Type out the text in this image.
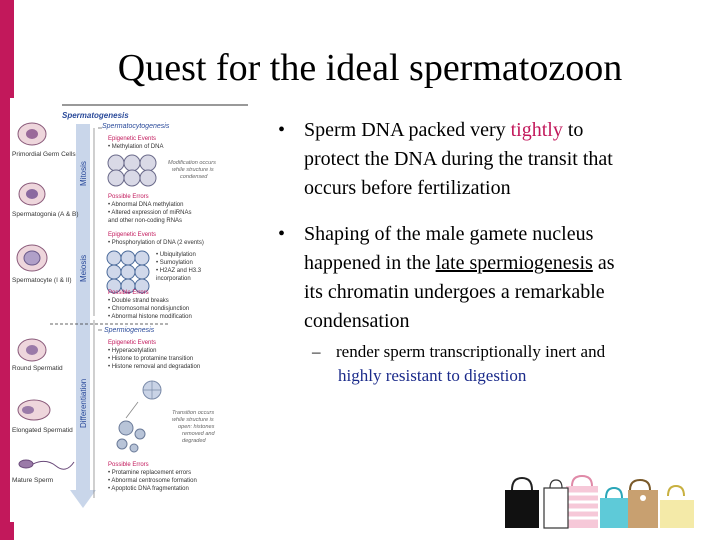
Quest for the ideal spermatozoon
Spermatogenesis
Mitosis
Meiosis
Differentiation
Primordial Germ Cells
Spermatogonia (A & B)
Spermatocyte (I & II)
Round Spermatid
Elongated Spermatid
Mature Sperm
Spermatocytogenesis
Epigenetic Events
• Methylation of DNA
Modification occurs
while structure is
condensed
Possible Errors
• Abnormal DNA methylation
• Altered expression of miRNAs
and other non-coding RNAs
Epigenetic Events
• Phosphorylation of DNA (2 events)
• Ubiquitylation
• Sumoylation
• H2AZ and H3.3
incorporation
Possible Errors
• Double strand breaks
• Chromosomal nondisjunction
• Abnormal histone modification
Spermiogenesis
Epigenetic Events
• Hyperacetylation
• Histone to protamine transition
• Histone removal and degradation
Transition occurs
while structure is
open: histones
removed and
degraded
Possible Errors
• Protamine replacement errors
• Abnormal centrosome formation
• Apoptotic DNA fragmentation
• Sperm DNA packed very tightly to
protect the DNA during the transit that
occurs before fertilization
• Shaping of the male gamete nucleus
happened in the late spermiogenesis as
its chromatin undergoes a remarkable
condensation
– render sperm transcriptionally inert and
highly resistant to digestion
